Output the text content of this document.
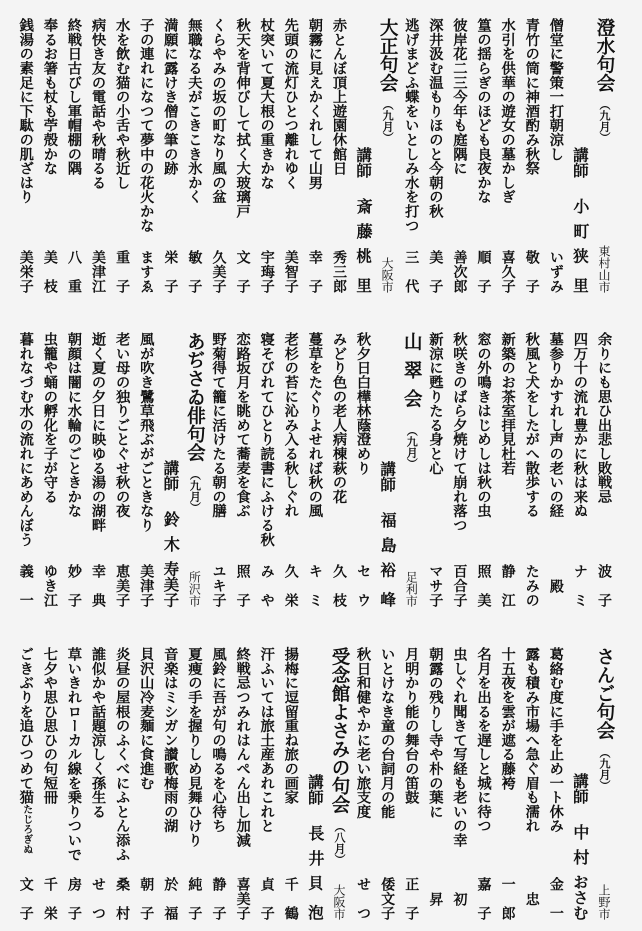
澄水句会（九月）
東村山市
講師
小町
狭里
僧堂に警策一打朝涼し
いずみ
青竹の筒に神酒酌み秋祭
敬子
水引を供華の遊女の墓かしぎ
喜久子
篁の揺らぎのほども良夜かな
順子
彼岸花二三今年も庭隅に
善次郎
深井汲む温もりほのと今朝の秋
美子
逃げまどふ蝶をいとしみ水を打つ
三代
大正句会（九月）
大阪市
講師
斎藤
桃里
赤とんぼ頂上遊園休館日
秀三郎
朝霧に見えかくれして山男
幸子
先頭の流灯ひとつ離れゆく
美智子
杖突いて夏大根の重きかな
宇珻子
秋天を背伸びして拭く大玻璃戸
文子
くらやみの坂の町なり風の盆
久美子
無職なる夫がこきこき氷かく
敏子
満願に露けき僧の筆の跡
栄子
子の連れになつて夢中の花火かな
ますゑ
水を飲む猫の小舌や秋近し
重子
病快き友の電話や秋晴るる
美津江
終戦日古びし軍帽棚の隅
八重
奉るお箸も杖も苧殻かな
美枝
銭湯の素足に下駄の肌ざはり
美栄子
余りにも思ひ出悲し敗戦忌
波子
四万十の流れ豊かに秋は来ぬ
ナミ
墓参りかすれし声の老いの経
殿
秋風と犬をしたがへ散歩する
たみの
新築のお茶室拝見杜若
静江
窓の外鳴きはじめしは秋の虫
照美
秋咲きのばら夕焼けて崩れ落つ
百合子
新涼に甦りたる身と心
マサ子
山翠会（九月）
足利市
講師
福島
裕峰
秋夕日白樺林蔭澄めり
セウ
みどり色の老人病棟萩の花
久枝
蔓草をたぐりよせれば秋の風
キミ
老杉の苔に沁み入る秋しぐれ
久栄
寝そびれてひとり読書にふける秋
みや
恋路坂月を眺めて蕎麦を食ぶ
照子
野菊得て籠に活けたる朝の膳
ユキ子
あぢさゐ俳句会（九月）
所沢市
講師
鈴木
寿美子
風が吹き鷺草飛ぶがごときなり
美津子
老い母の独りごとぐせ秋の夜
恵美子
逝く夏の夕日に映ゆる湯の湖畔
幸典
朝顔は闇に水輪のごときかな
妙子
虫籠や蛹の孵化を子が守る
ゆき江
暮れなづむ水の流れにあめんぼう
義一
さんご句会（九月）
上野市
講師
中村
おさむ
葛絡む度に手を止め一ト休み
金一
露も積み市場へ急ぐ眉も濡れ
忠
十五夜を雲が遮る藤袴
一郎
名月を出るを遅しと城に待つ
嘉子
虫しぐれ聞きて写経も老いの幸
初
朝露の残りし寺や朴の葉に
昇
月明かり能の舞台の笛鼓
正子
いとけなき童の台詞月の能
倭文子
秋日和健やかに老い旅支度
せつ
受念館よさみの句会（八月）
大阪市
講師
長井
貝泡
揚梅に逗留重ね旅の画家
千鶴
汗ふいては旅土産あれこれと
貞子
終戦忌つみれはんぺん出し加減
喜美子
風鈴に吾が句の鳴るを心待ち
静子
夏痩の手を握りしめ見舞ひけり
純子
音楽はミシガン讃歌梅雨の湖
於福
貝沢山冷麦麺に食進む
朝子
炎昼の屋根のふくべにふとん添ふ
桑村
誰似かや話題涼しく孫生る
せつ
草いきれローカル線を乗りついで
房子
七夕や思ひ思ひの句短冊
千栄
ごきぶりを追ひつめて猫たじろぎぬ
文子
